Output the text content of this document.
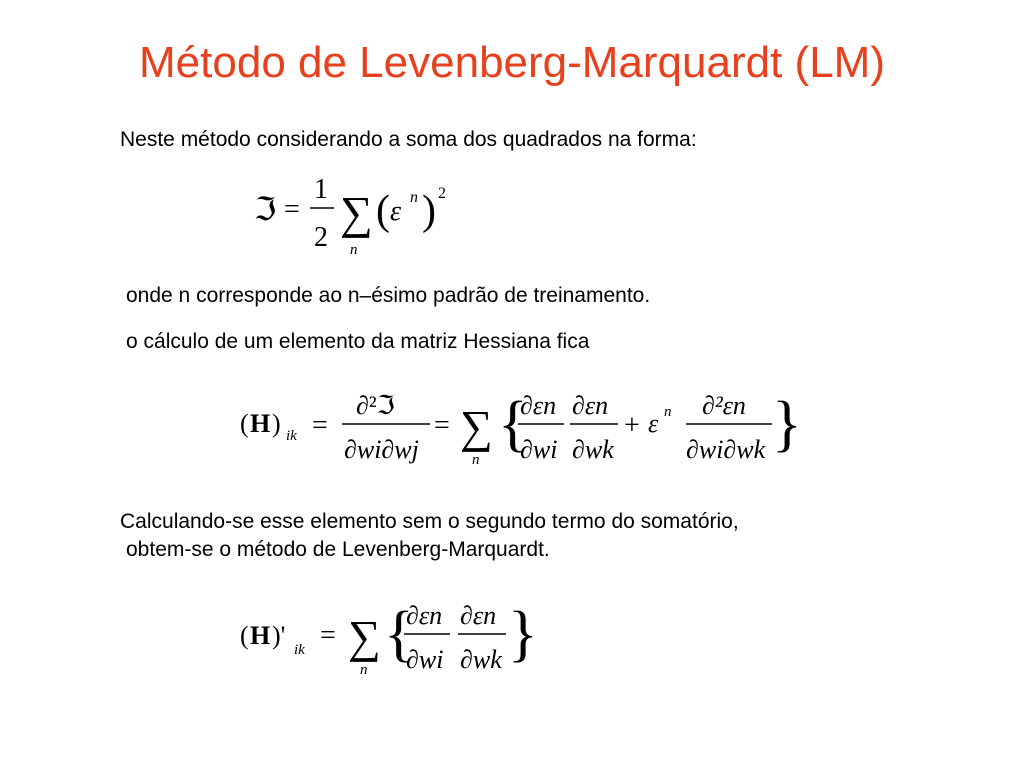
Método de Levenberg-Marquardt (LM)
Neste método considerando a soma dos quadrados na forma:
ℑ =
1
2 ∑
n
( ε n ) 2
onde n corresponde ao n–ésimo padrão de treinamento.
o cálculo de um elemento da matriz Hessiana fica
( H ) ik =
∂²ℑ
∂wi∂wj
= ∑
n
{
∂εn
∂wi
∂εn
∂wk
+ ε n ∂²εn
∂wi∂wk }
Calculando-se esse elemento sem o segundo termo do somatório,
obtem-se o método de Levenberg-Marquardt.
( H )' ik = ∑
n
{
∂εn
∂wi
∂εn
∂wk }
